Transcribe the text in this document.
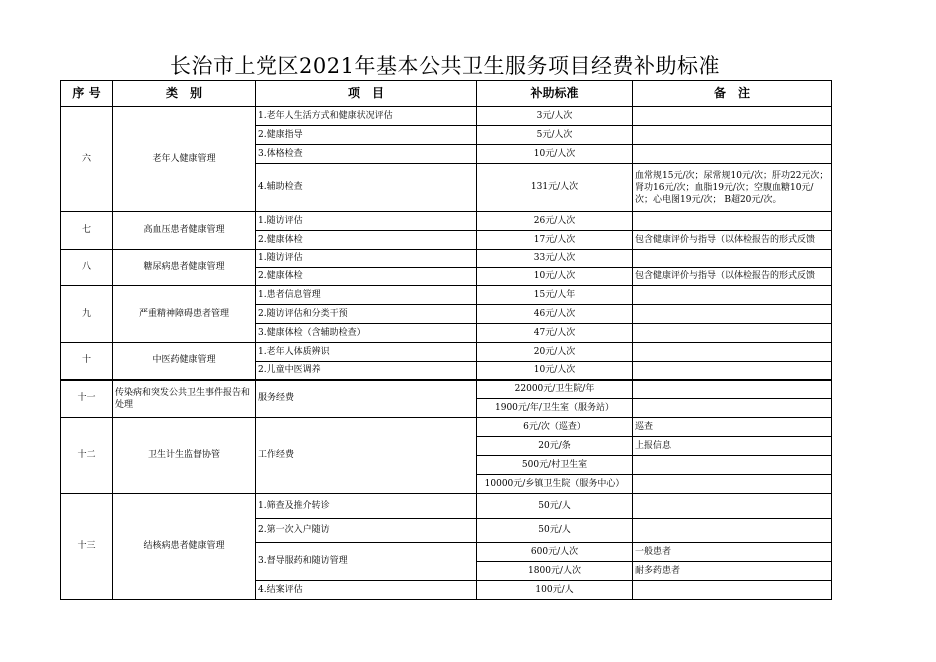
长治市上党区2021年基本公共卫生服务项目经费补助标准
序 号	类　别	项　目	补助标准	备　注
六	老年人健康管理	1.老年人生活方式和健康状况评估	3元/人次	
		2.健康指导	5元/人次	
		3.体格检查	10元/人次	
		4.辅助检查	131元/人次	血常规15元/次；尿常规10元/次；肝功22元次；肾功16元/次；血脂19元/次；空腹血糖10元/次；心电图19元/次； B超20元/次。
七	高血压患者健康管理	1.随访评估	26元/人次	
		2.健康体检	17元/人次	包含健康评价与指导（以体检报告的形式反馈
八	糖尿病患者健康管理	1.随访评估	33元/人次	
		2.健康体检	10元/人次	包含健康评价与指导（以体检报告的形式反馈
九	严重精神障碍患者管理	1.患者信息管理	15元/人年	
		2.随访评估和分类干预	46元/人次	
		3.健康体检（含辅助检查）	47元/人次	
十	中医药健康管理	1.老年人体质辨识	20元/人次	
		2.儿童中医调养	10元/人次	
十一	传染病和突发公共卫生事件报告和处理	服务经费	22000元/卫生院/年	
			1900元/年/卫生室（服务站）	
十二	卫生计生监督协管	工作经费	6元/次（巡查）	巡查
			20元/条	上报信息
			500元/村卫生室	
			10000元/乡镇卫生院（服务中心）	
十三	结核病患者健康管理	1.筛查及推介转诊	50元/人	
		2.第一次入户随访	50元/人	
		3.督导服药和随访管理	600元/人次	一般患者
			1800元/人次	耐多药患者
		4.结案评估	100元/人	
